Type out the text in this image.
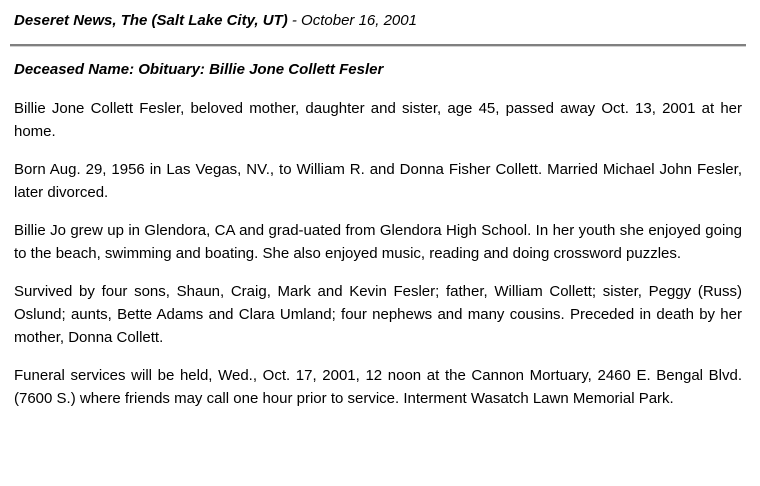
Deseret News, The (Salt Lake City, UT) - October 16, 2001
Deceased Name: Obituary: Billie Jone Collett Fesler

Billie Jone Collett Fesler, beloved mother, daughter and sister, age 45, passed away Oct. 13, 2001 at her home.

Born Aug. 29, 1956 in Las Vegas, NV., to William R. and Donna Fisher Collett. Married Michael John Fesler, later divorced.

Billie Jo grew up in Glendora, CA and grad-uated from Glendora High School. In her youth she enjoyed going to the beach, swimming and boating. She also enjoyed music, reading and doing crossword puzzles.

Survived by four sons, Shaun, Craig, Mark and Kevin Fesler; father, William Collett; sister, Peggy (Russ) Oslund; aunts, Bette Adams and Clara Umland; four nephews and many cousins. Preceded in death by her mother, Donna Collett.

Funeral services will be held, Wed., Oct. 17, 2001, 12 noon at the Cannon Mortuary, 2460 E. Bengal Blvd. (7600 S.) where friends may call one hour prior to service. Interment Wasatch Lawn Memorial Park.
